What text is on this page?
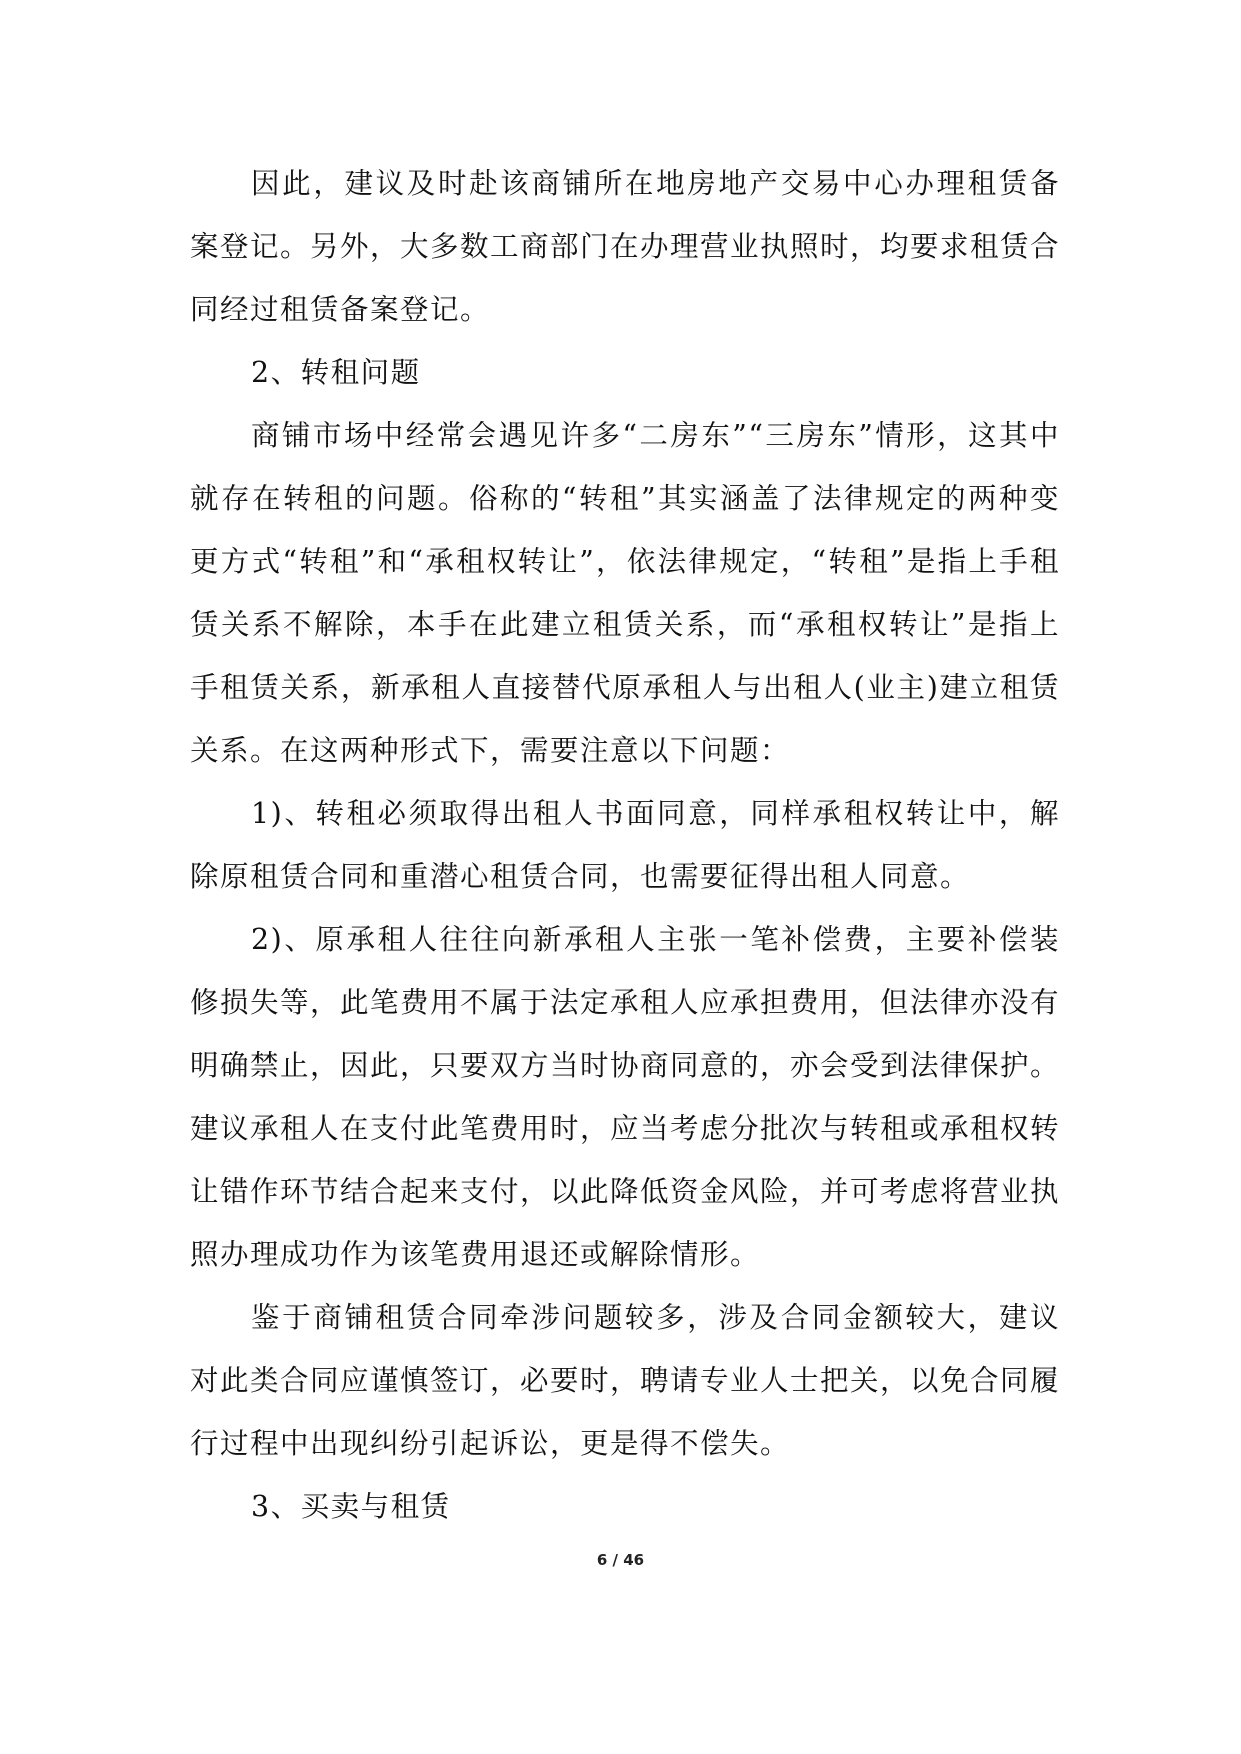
因此，建议及时赴该商铺所在地房地产交易中心办理租赁备案登记。另外，大多数工商部门在办理营业执照时，均要求租赁合同经过租赁备案登记。

2、转租问题

商铺市场中经常会遇见许多“二房东”“三房东”情形，这其中就存在转租的问题。俗称的“转租”其实涵盖了法律规定的两种变更方式“转租”和“承租权转让”，依法律规定，“转租”是指上手租赁关系不解除，本手在此建立租赁关系，而“承租权转让”是指上手租赁关系，新承租人直接替代原承租人与出租人(业主)建立租赁关系。在这两种形式下，需要注意以下问题：

1)、转租必须取得出租人书面同意，同样承租权转让中，解除原租赁合同和重潜心租赁合同，也需要征得出租人同意。

2)、原承租人往往向新承租人主张一笔补偿费，主要补偿装修损失等，此笔费用不属于法定承租人应承担费用，但法律亦没有明确禁止，因此，只要双方当时协商同意的，亦会受到法律保护。建议承租人在支付此笔费用时，应当考虑分批次与转租或承租权转让错作环节结合起来支付，以此降低资金风险，并可考虑将营业执照办理成功作为该笔费用退还或解除情形。

鉴于商铺租赁合同牵涉问题较多，涉及合同金额较大，建议对此类合同应谨慎签订，必要时，聘请专业人士把关，以免合同履行过程中出现纠纷引起诉讼，更是得不偿失。

3、买卖与租赁

6 / 46
